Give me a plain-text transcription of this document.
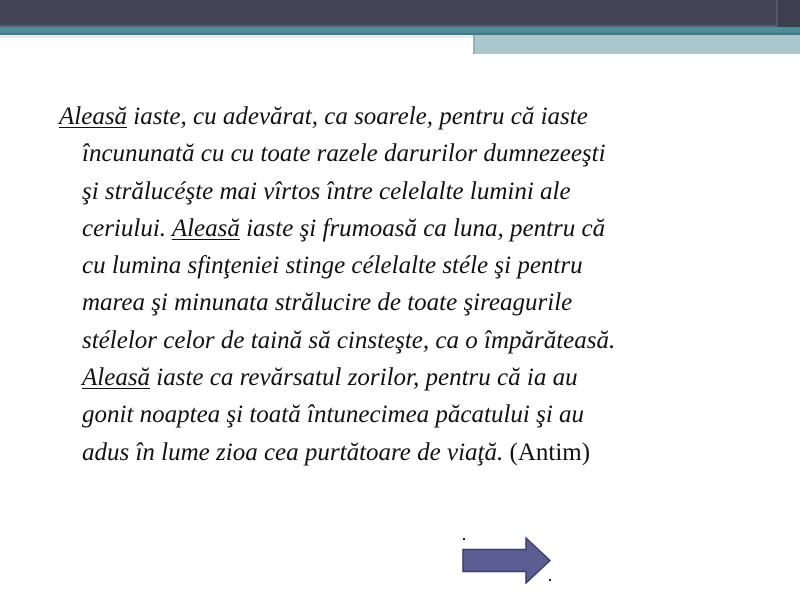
Aleasă iaste, cu adevărat, ca soarele, pentru că iaste
încununată cu cu toate razele darurilor dumnezeeşti
şi strălucéşte mai vîrtos între celelalte lumini ale
ceriului. Aleasă iaste şi frumoasă ca luna, pentru că
cu lumina sfinţeniei stinge célelalte stéle şi pentru
marea şi minunata strălucire de toate şireagurile
stélelor celor de taină să cinsteşte, ca o împărăteasă.
Aleasă iaste ca revărsatul zorilor, pentru că ia au
gonit noaptea şi toată întunecimea păcatului şi au
adus în lume zioa cea purtătoare de viaţă. (Antim)
